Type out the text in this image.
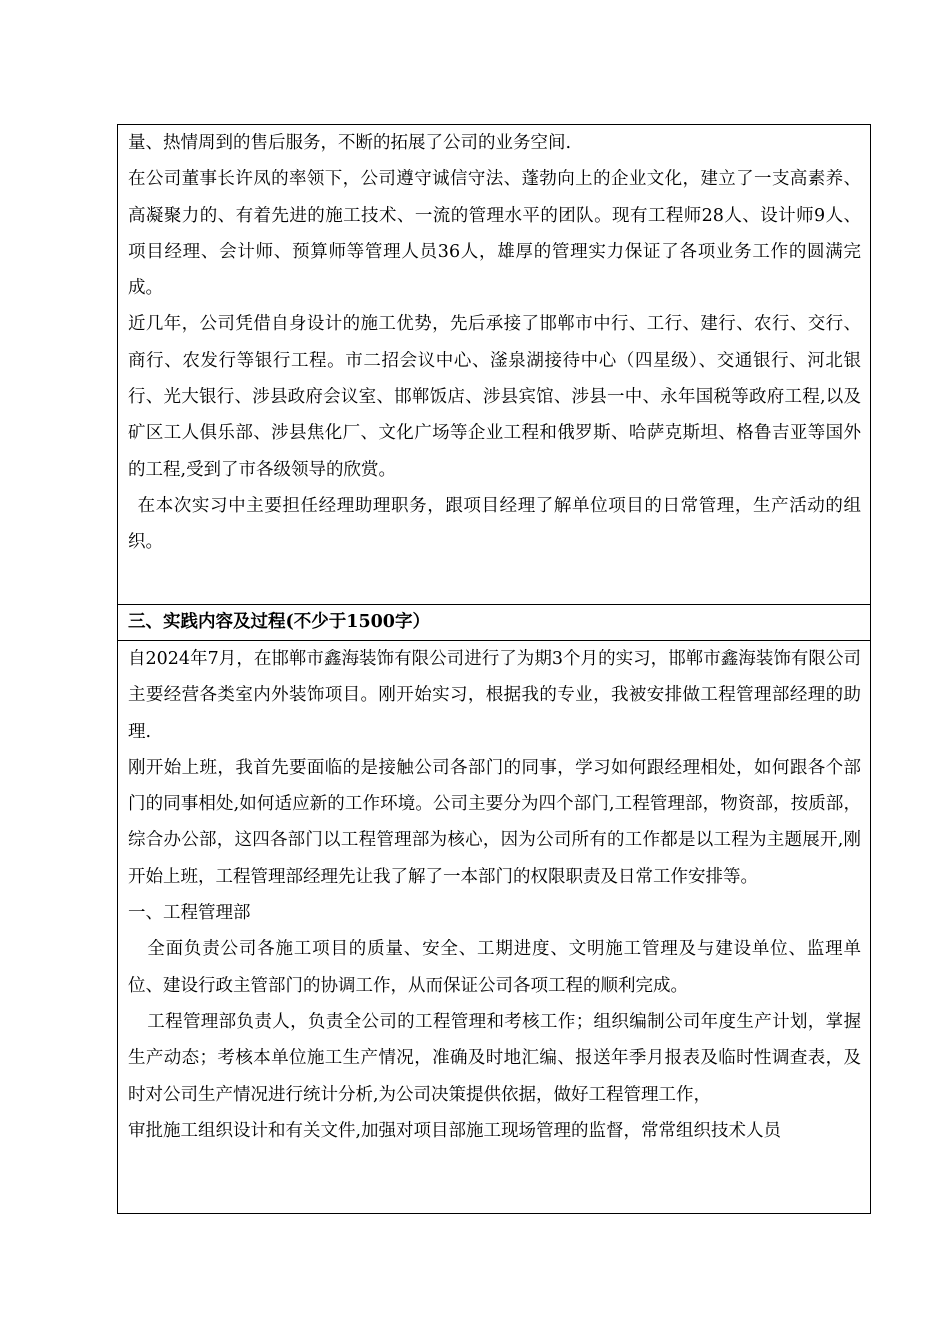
量、热情周到的售后服务，不断的拓展了公司的业务空间.

在公司董事长许凤的率领下，公司遵守诚信守法、蓬勃向上的企业文化，建立了一支高素养、高凝聚力的、有着先进的施工技术、一流的管理水平的团队。现有工程师28人、设计师9人、项目经理、会计师、预算师等管理人员36人，雄厚的管理实力保证了各项业务工作的圆满完成。

近几年，公司凭借自身设计的施工优势，先后承接了邯郸市中行、工行、建行、农行、交行、商行、农发行等银行工程。市二招会议中心、滏泉湖接待中心（四星级）、交通银行、河北银行、光大银行、涉县政府会议室、邯郸饭店、涉县宾馆、涉县一中、永年国税等政府工程,以及矿区工人俱乐部、涉县焦化厂、文化广场等企业工程和俄罗斯、哈萨克斯坦、格鲁吉亚等国外的工程,受到了市各级领导的欣赏。

在本次实习中主要担任经理助理职务，跟项目经理了解单位项目的日常管理，生产活动的组织。

三、实践内容及过程(不少于1500字）

自2024年7月，在邯郸市鑫海装饰有限公司进行了为期3个月的实习，邯郸市鑫海装饰有限公司主要经营各类室内外装饰项目。刚开始实习，根据我的专业，我被安排做工程管理部经理的助理.

刚开始上班，我首先要面临的是接触公司各部门的同事，学习如何跟经理相处，如何跟各个部门的同事相处,如何适应新的工作环境。公司主要分为四个部门,工程管理部，物资部，按质部，综合办公部，这四各部门以工程管理部为核心，因为公司所有的工作都是以工程为主题展开,刚开始上班，工程管理部经理先让我了解了一本部门的权限职责及日常工作安排等。

一、工程管理部

全面负责公司各施工项目的质量、安全、工期进度、文明施工管理及与建设单位、监理单位、建设行政主管部门的协调工作，从而保证公司各项工程的顺利完成。

工程管理部负责人，负责全公司的工程管理和考核工作；组织编制公司年度生产计划，掌握生产动态；考核本单位施工生产情况，准确及时地汇编、报送年季月报表及临时性调查表，及时对公司生产情况进行统计分析,为公司决策提供依据，做好工程管理工作，

审批施工组织设计和有关文件,加强对项目部施工现场管理的监督，常常组织技术人员
